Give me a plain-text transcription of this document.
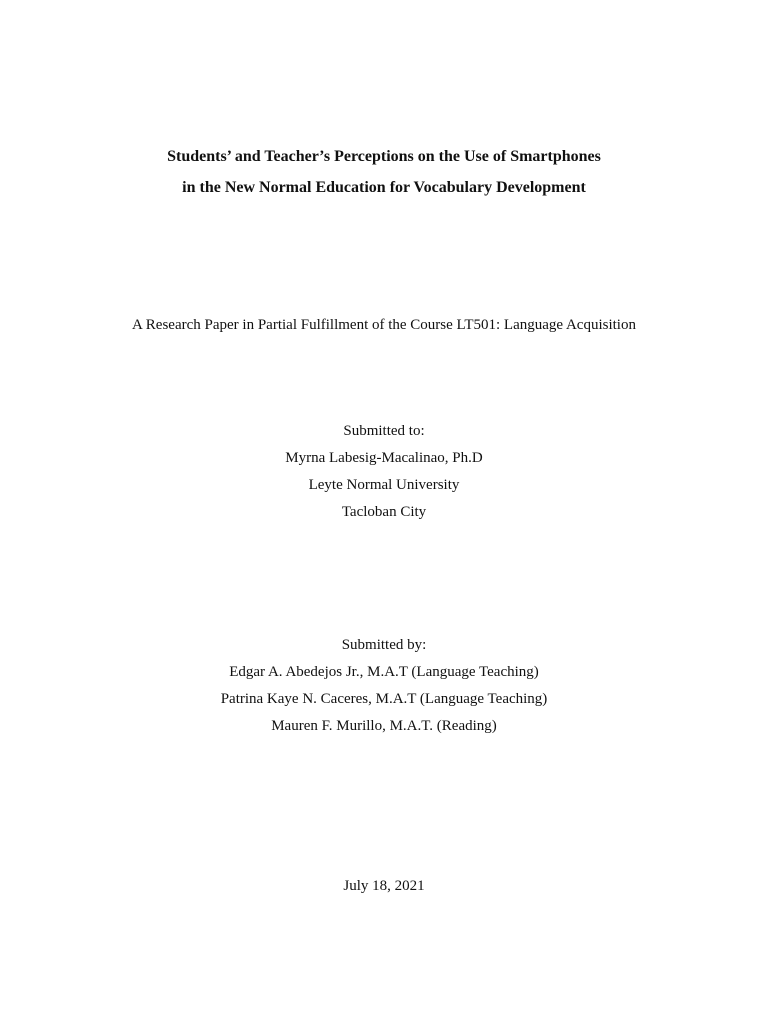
Students’ and Teacher’s Perceptions on the Use of Smartphones
in the New Normal Education for Vocabulary Development
A Research Paper in Partial Fulfillment of the Course LT501: Language Acquisition
Submitted to:
Myrna Labesig-Macalinao, Ph.D
Leyte Normal University
Tacloban City
Submitted by:
Edgar A. Abedejos Jr., M.A.T (Language Teaching)
Patrina Kaye N. Caceres, M.A.T (Language Teaching)
Mauren F. Murillo, M.A.T. (Reading)
July 18, 2021
